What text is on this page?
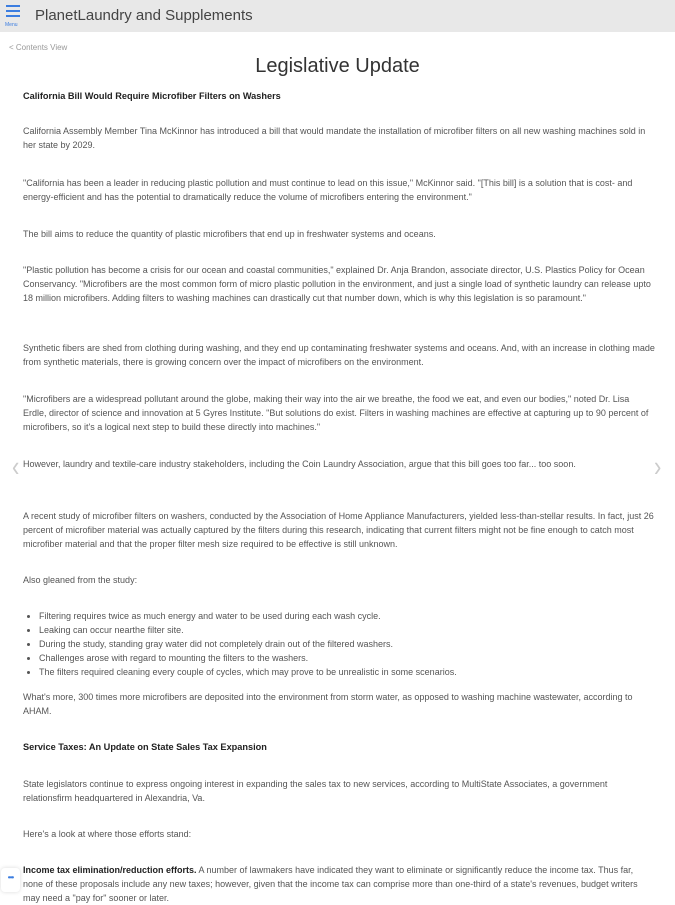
Menu
PlanetLaundry and Supplements
< Contents View
Legislative Update

California Bill Would Require Microfiber Filters on Washers

California Assembly Member Tina McKinnor has introduced a bill that would mandate the installation of microfiber filters on all new washing machines sold in her state by 2029.

"California has been a leader in reducing plastic pollution and must continue to lead on this issue," McKinnor said. "[This bill] is a solution that is cost- and energy-efficient and has the potential to dramatically reduce the volume of microfibers entering the environment."

The bill aims to reduce the quantity of plastic microfibers that end up in freshwater systems and oceans.

"Plastic pollution has become a crisis for our ocean and coastal communities," explained Dr. Anja Brandon, associate director, U.S. Plastics Policy for Ocean Conservancy. "Microfibers are the most common form of micro plastic pollution in the environment, and just a single load of synthetic laundry can release upto 18 million microfibers. Adding filters to washing machines can drastically cut that number down, which is why this legislation is so paramount."

Synthetic fibers are shed from clothing during washing, and they end up contaminating freshwater systems and oceans. And, with an increase in clothing made from synthetic materials, there is growing concern over the impact of microfibers on the environment.

"Microfibers are a widespread pollutant around the globe, making their way into the air we breathe, the food we eat, and even our bodies," noted Dr. Lisa Erdle, director of science and innovation at 5 Gyres Institute. "But solutions do exist. Filters in washing machines are effective at capturing up to 90 percent of microfibers, so it's a logical next step to build these directly into machines."

However, laundry and textile-care industry stakeholders, including the Coin Laundry Association, argue that this bill goes too far... too soon.

A recent study of microfiber filters on washers, conducted by the Association of Home Appliance Manufacturers, yielded less-than-stellar results. In fact, just 26 percent of microfiber material was actually captured by the filters during this research, indicating that current filters might not be fine enough to catch most microfiber material and that the proper filter mesh size required to be effective is still unknown.

Also gleaned from the study:

• Filtering requires twice as much energy and water to be used during each wash cycle.
• Leaking can occur nearthe filter site.
• During the study, standing gray water did not completely drain out of the filtered washers.
• Challenges arose with regard to mounting the filters to the washers.
• The filters required cleaning every couple of cycles, which may prove to be unrealistic in some scenarios.

What's more, 300 times more microfibers are deposited into the environment from storm water, as opposed to washing machine wastewater, according to AHAM.

Service Taxes: An Update on State Sales Tax Expansion

State legislators continue to express ongoing interest in expanding the sales tax to new services, according to MultiState Associates, a government relationsfirm headquartered in Alexandria, Va.

Here's a look at where those efforts stand:

Income tax elimination/reduction efforts. A number of lawmakers have indicated they want to eliminate or significantly reduce the income tax. Thus far, none of these proposals include any new taxes; however, given that the income tax can comprise more than one-third of a state's revenues, budget writers may need a "pay for" sooner or later.

‹	›
•••
